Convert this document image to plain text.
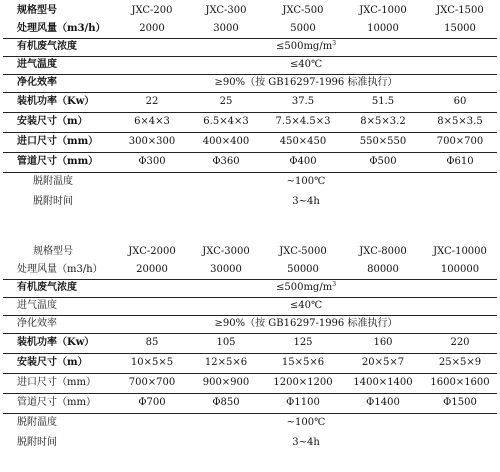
规格型号	JXC-200	JXC-300	JXC-500	JXC-1000	JXC-1500
处理风量（m3/h）	2000	3000	5000	10000	15000
有机废气浓度	$\le 500mg/m^3$
进气温度	≤40℃				
净化效率	≥90%（按 GB16297-1996 标准执行）				
装机功率（Kw）	22	25	37.5	51.5	60
安装尺寸（m）	6×4×3	6.5×4×3	7.5×4.5×3	8×5×3.2	8×5×3.5
进口尺寸（mm）	300×300	400×400	450×450	550×550	700×700
管道尺寸（mm）	Φ300	Φ360	Φ400	Φ500	Φ610
脱附温度	~100℃				
脱附时间	3~4h				
规格型号	JXC-2000	JXC-3000	JXC-5000	JXC-8000	JXC-10000
处理风量（m3/h）	20000	30000	50000	80000	100000
有机废气浓度	$\le 500mg/m^3$
进气温度	≤40℃				
净化效率	≥90%（按 GB16297-1996 标准执行）				
装机功率（Kw）	85	105	125	160	220
安装尺寸（m）	10×5×5	12×5×6	15×5×6	20×5×7	25×5×9
进口尺寸（mm）	700×700	900×900	1200×1200	1400×1400	1600×1600
管道尺寸（mm）	Φ700	Φ850	Φ1100	Φ1400	Φ1500
脱附温度	~100℃				
脱附时间	3~4h				
